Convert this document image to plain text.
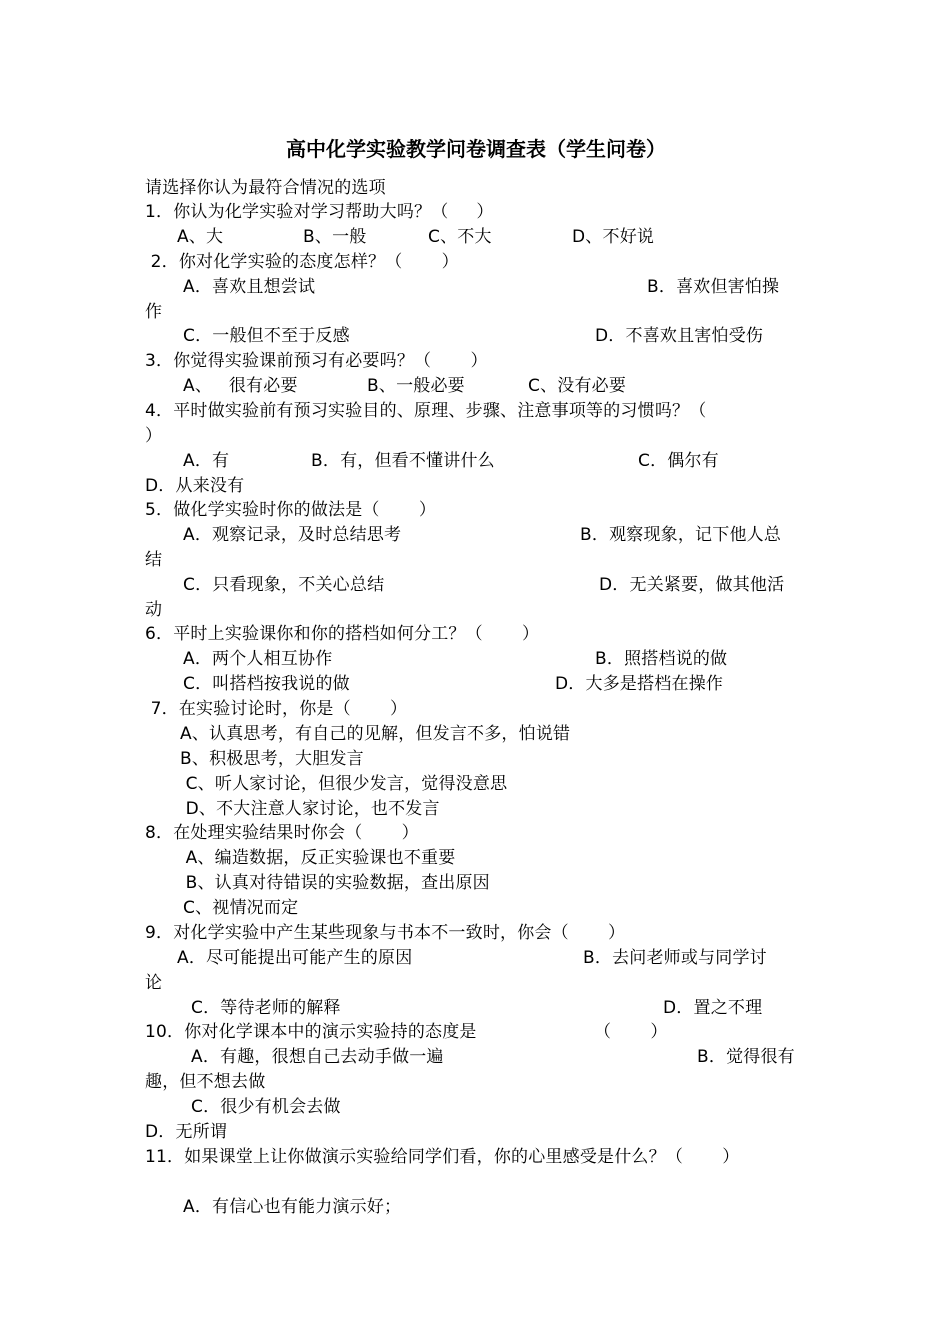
高中化学实验教学问卷调查表（学生问卷）
请选择你认为最符合情况的选项
1．你认为化学实验对学习帮助大吗？（     ）
A、大	B、一般	C、不大	D、不好说
2．你对化学实验的态度怎样？（       ）
A．喜欢且想尝试	B．喜欢但害怕操
作
C．一般但不至于反感	D．不喜欢且害怕受伤
3．你觉得实验课前预习有必要吗？（       ）
A、   很有必要	B、一般必要	C、没有必要
4．平时做实验前有预习实验目的、原理、步骤、注意事项等的习惯吗？（
）
A．有	B．有，但看不懂讲什么	C．偶尔有
D．从来没有
5．做化学实验时你的做法是（       ）
A．观察记录，及时总结思考	B．观察现象，记下他人总
结
C．只看现象，不关心总结	D．无关紧要，做其他活
动
6．平时上实验课你和你的搭档如何分工？（       ）
A．两个人相互协作	B．照搭档说的做
C．叫搭档按我说的做	D．大多是搭档在操作
7．在实验讨论时，你是（       ）
A、认真思考，有自己的见解，但发言不多，怕说错
B、积极思考，大胆发言
C、听人家讨论，但很少发言，觉得没意思
D、不大注意人家讨论，也不发言
8．在处理实验结果时你会（       ）
A、编造数据，反正实验课也不重要
B、认真对待错误的实验数据，查出原因
C、视情况而定
9．对化学实验中产生某些现象与书本不一致时，你会（       ）
A．尽可能提出可能产生的原因	B．去问老师或与同学讨
论
C．等待老师的解释	D．置之不理
10．你对化学课本中的演示实验持的态度是	（       ）
A．有趣，很想自己去动手做一遍	B．觉得很有
趣，但不想去做
C．很少有机会去做
D．无所谓
11．如果课堂上让你做演示实验给同学们看，你的心里感受是什么？（       ）
A．有信心也有能力演示好；
